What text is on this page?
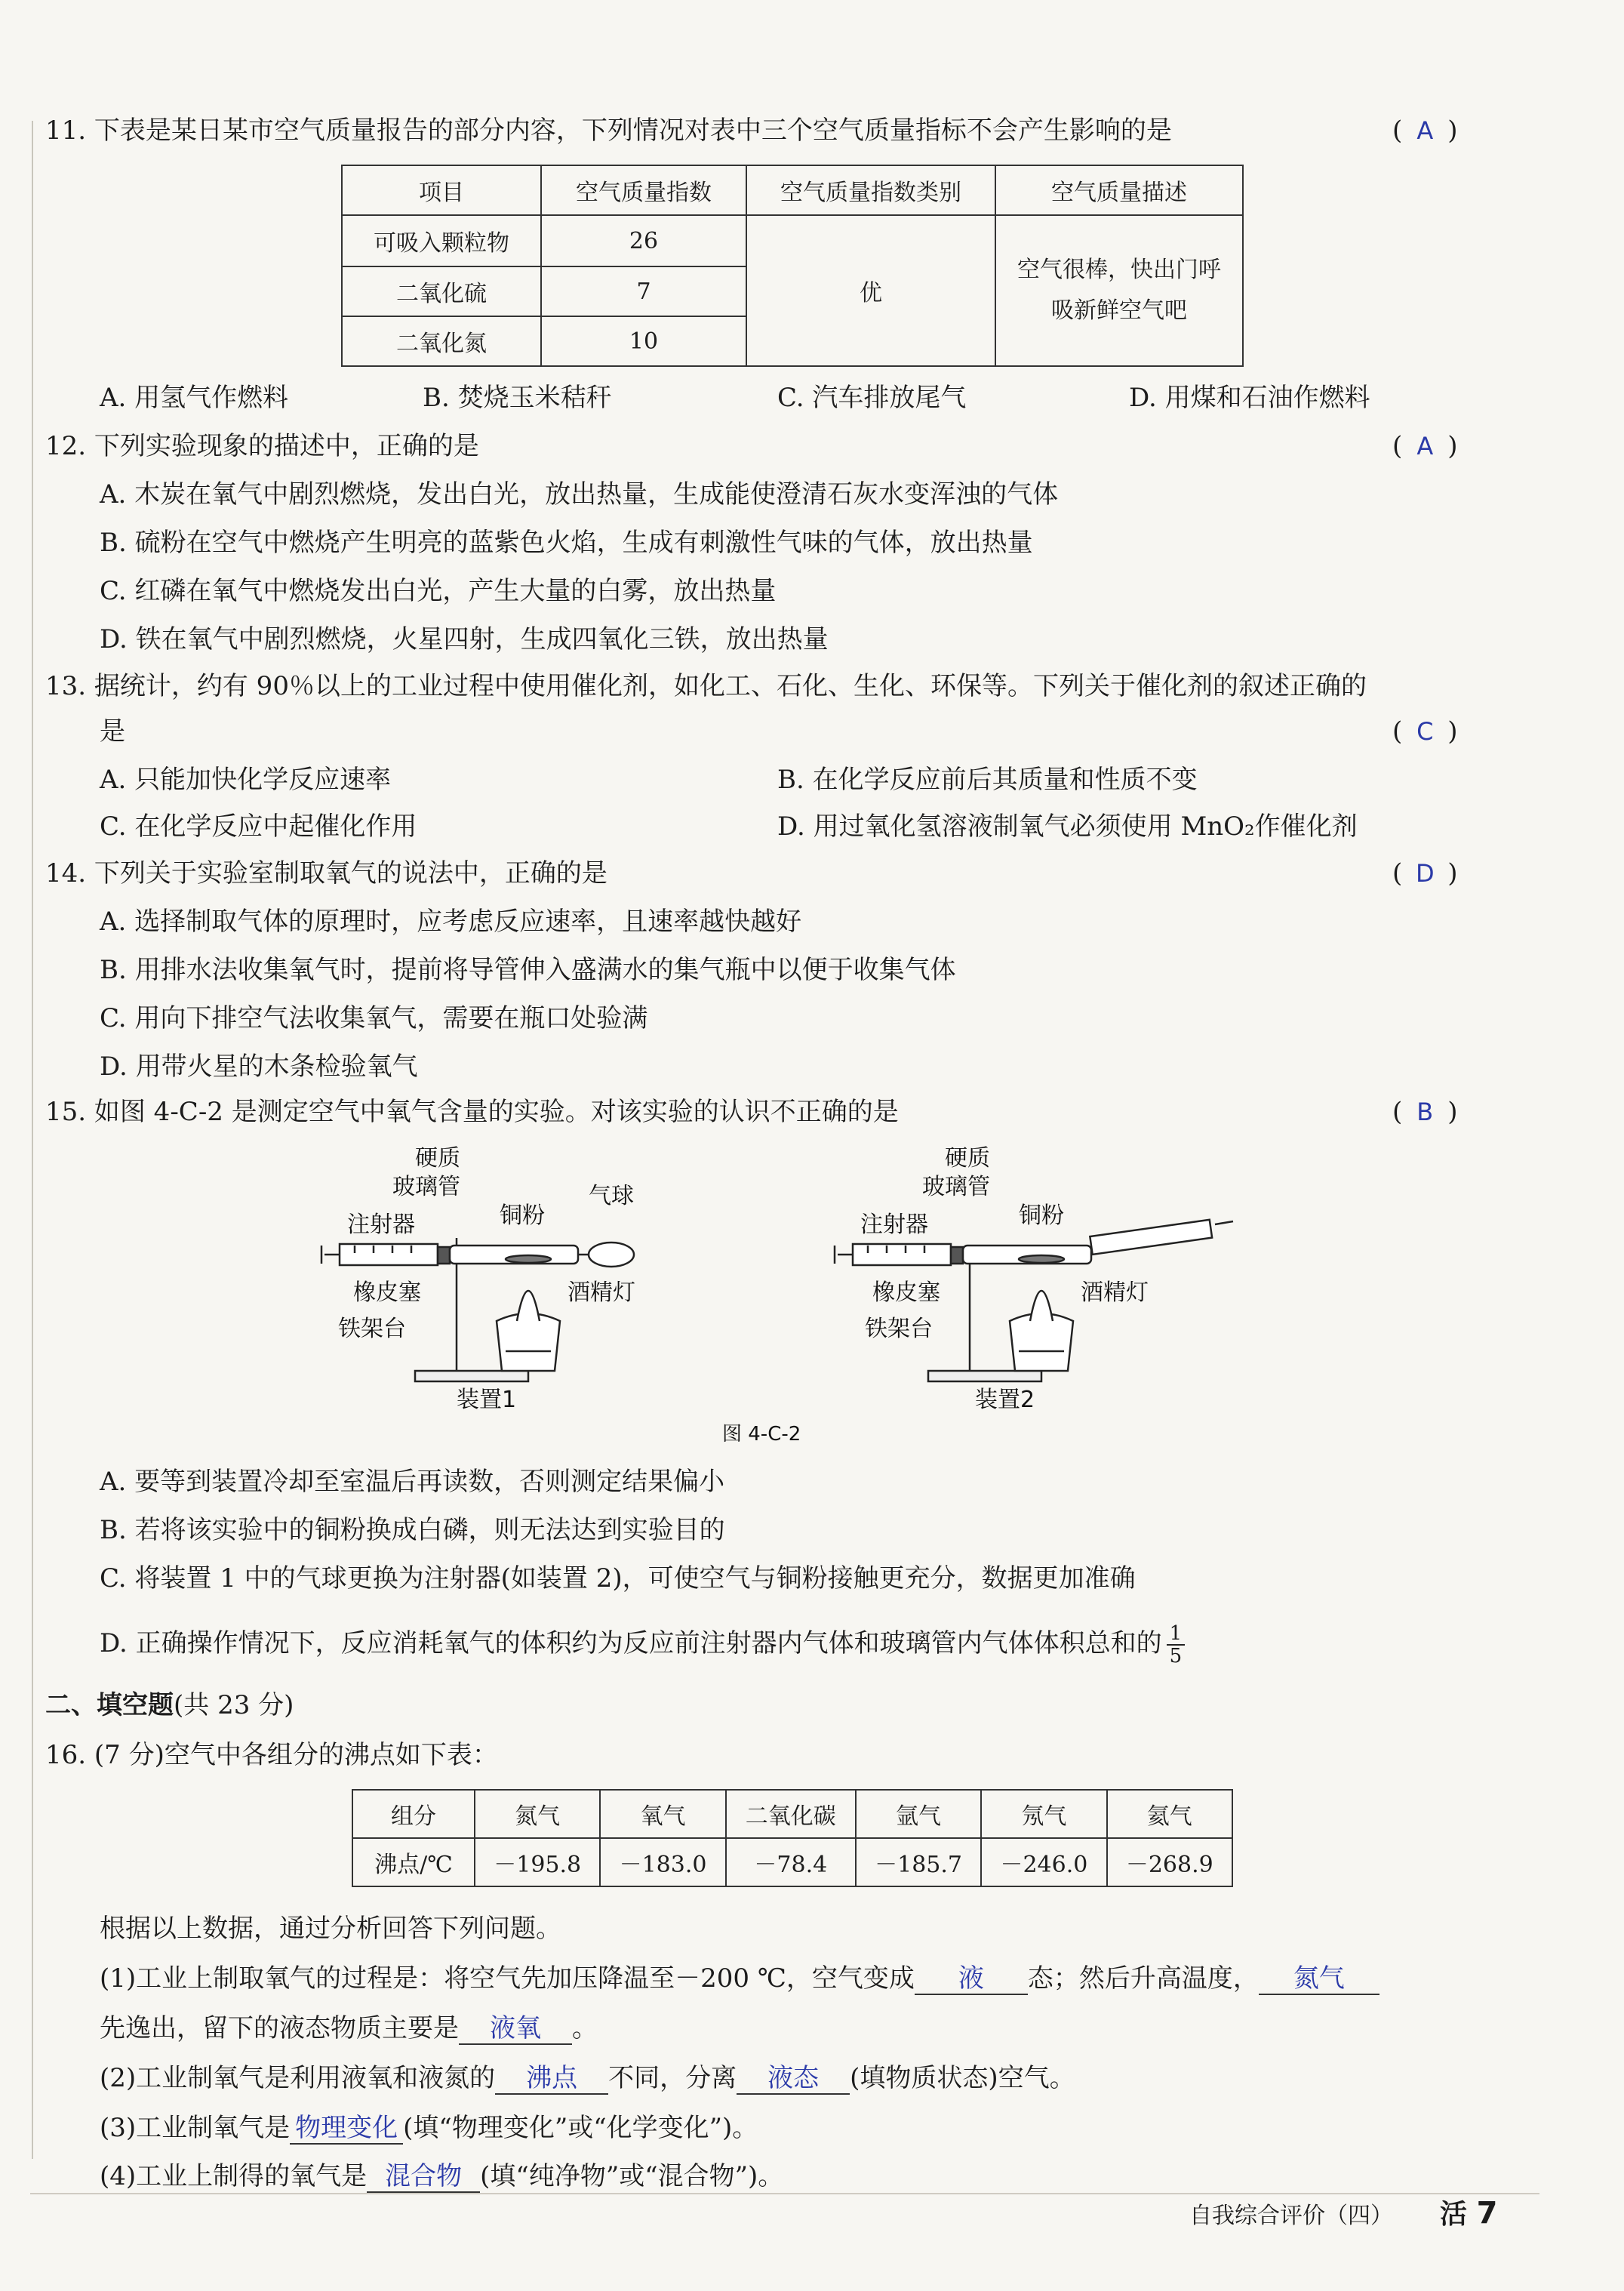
11. 下表是某日某市空气质量报告的部分内容，下列情况对表中三个空气质量指标不会产生影响的是	( A )
项目	空气质量指数	空气质量指数类别	空气质量描述
可吸入颗粒物	26	优	空气很棒，快出门呼
吸新鲜空气吧

二氧化硫	7		
二氧化氮	10		
A. 用氢气作燃料	B. 焚烧玉米秸秆	C. 汽车排放尾气	D. 用煤和石油作燃料
12. 下列实验现象的描述中，正确的是	( A )
A. 木炭在氧气中剧烈燃烧，发出白光，放出热量，生成能使澄清石灰水变浑浊的气体
B. 硫粉在空气中燃烧产生明亮的蓝紫色火焰，生成有刺激性气味的气体，放出热量
C. 红磷在氧气中燃烧发出白光，产生大量的白雾，放出热量
D. 铁在氧气中剧烈燃烧，火星四射，生成四氧化三铁，放出热量
13. 据统计，约有 90％以上的工业过程中使用催化剂，如化工、石化、生化、环保等。下列关于催化剂的叙述正确的
是	( C )
A. 只能加快化学反应速率	B. 在化学反应前后其质量和性质不变
C. 在化学反应中起催化作用	D. 用过氧化氢溶液制氧气必须使用 MnO₂作催化剂
14. 下列关于实验室制取氧气的说法中，正确的是	( D )
A. 选择制取气体的原理时，应考虑反应速率，且速率越快越好
B. 用排水法收集氧气时，提前将导管伸入盛满水的集气瓶中以便于收集气体
C. 用向下排空气法收集氧气，需要在瓶口处验满
D. 用带火星的木条检验氧气
15. 如图 4-C-2 是测定空气中氧气含量的实验。对该实验的认识不正确的是	( B )
硬质
玻璃管
注射器	铜粉
气球
橡皮塞	酒精灯
铁架台
装置1
硬质
玻璃管
注射器	铜粉
橡皮塞	酒精灯
铁架台
装置2
图 4-C-2
A. 要等到装置冷却至室温后再读数，否则测定结果偏小
B. 若将该实验中的铜粉换成白磷，则无法达到实验目的
C. 将装置 1 中的气球更换为注射器(如装置 2)，可使空气与铜粉接触更充分，数据更加准确
D. 正确操作情况下，反应消耗氧气的体积约为反应前注射器内气体和玻璃管内气体体积总和的 $\frac{1}{5}$
二、填空题(共 23 分)
16. (7 分)空气中各组分的沸点如下表：
组分	氮气	氧气	二氧化碳	氩气	氖气	氦气
沸点/℃	－195.8	－183.0	－78.4	－185.7	－246.0	－268.9
根据以上数据，通过分析回答下列问题。
(1)工业上制取氧气的过程是：将空气先加压降温至－200 ℃，空气变成 液 态；然后升高温度， 氮气
先逸出，留下的液态物质主要是 液氧 。
(2)工业制氧气是利用液氧和液氮的 沸点 不同，分离 液态 (填物质状态)空气。
(3)工业制氧气是 物理变化 (填“物理变化”或“化学变化”)。
(4)工业上制得的氧气是 混合物 (填“纯净物”或“混合物”)。
自我综合评价（四） 活 7
